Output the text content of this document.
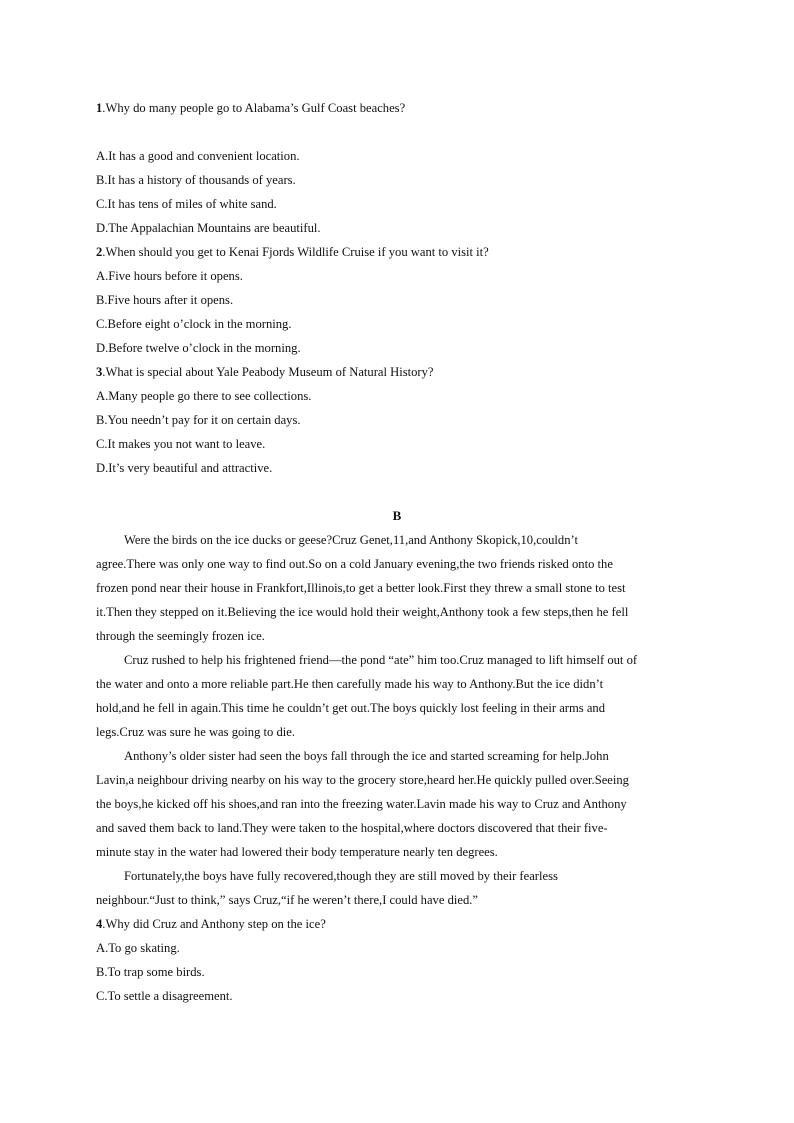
1.Why do many people go to Alabama’s Gulf Coast beaches?
A.It has a good and convenient location.
B.It has a history of thousands of years.
C.It has tens of miles of white sand.
D.The Appalachian Mountains are beautiful.
2.When should you get to Kenai Fjords Wildlife Cruise if you want to visit it?
A.Five hours before it opens.
B.Five hours after it opens.
C.Before eight o’clock in the morning.
D.Before twelve o’clock in the morning.
3.What is special about Yale Peabody Museum of Natural History?
A.Many people go there to see collections.
B.You needn’t pay for it on certain days.
C.It makes you not want to leave.
D.It’s very beautiful and attractive.
B
Were the birds on the ice ducks or geese?Cruz Genet,11,and Anthony Skopick,10,couldn’t
agree.There was only one way to find out.So on a cold January evening,the two friends risked onto the
frozen pond near their house in Frankfort,Illinois,to get a better look.First they threw a small stone to test
it.Then they stepped on it.Believing the ice would hold their weight,Anthony took a few steps,then he fell
through the seemingly frozen ice.
Cruz rushed to help his frightened friend—the pond “ate” him too.Cruz managed to lift himself out of
the water and onto a more reliable part.He then carefully made his way to Anthony.But the ice didn’t
hold,and he fell in again.This time he couldn’t get out.The boys quickly lost feeling in their arms and
legs.Cruz was sure he was going to die.
Anthony’s older sister had seen the boys fall through the ice and started screaming for help.John
Lavin,a neighbour driving nearby on his way to the grocery store,heard her.He quickly pulled over.Seeing
the boys,he kicked off his shoes,and ran into the freezing water.Lavin made his way to Cruz and Anthony
and saved them back to land.They were taken to the hospital,where doctors discovered that their five-
minute stay in the water had lowered their body temperature nearly ten degrees.
Fortunately,the boys have fully recovered,though they are still moved by their fearless
neighbour.“Just to think,” says Cruz,“if he weren’t there,I could have died.”
4.Why did Cruz and Anthony step on the ice?
A.To go skating.
B.To trap some birds.
C.To settle a disagreement.
